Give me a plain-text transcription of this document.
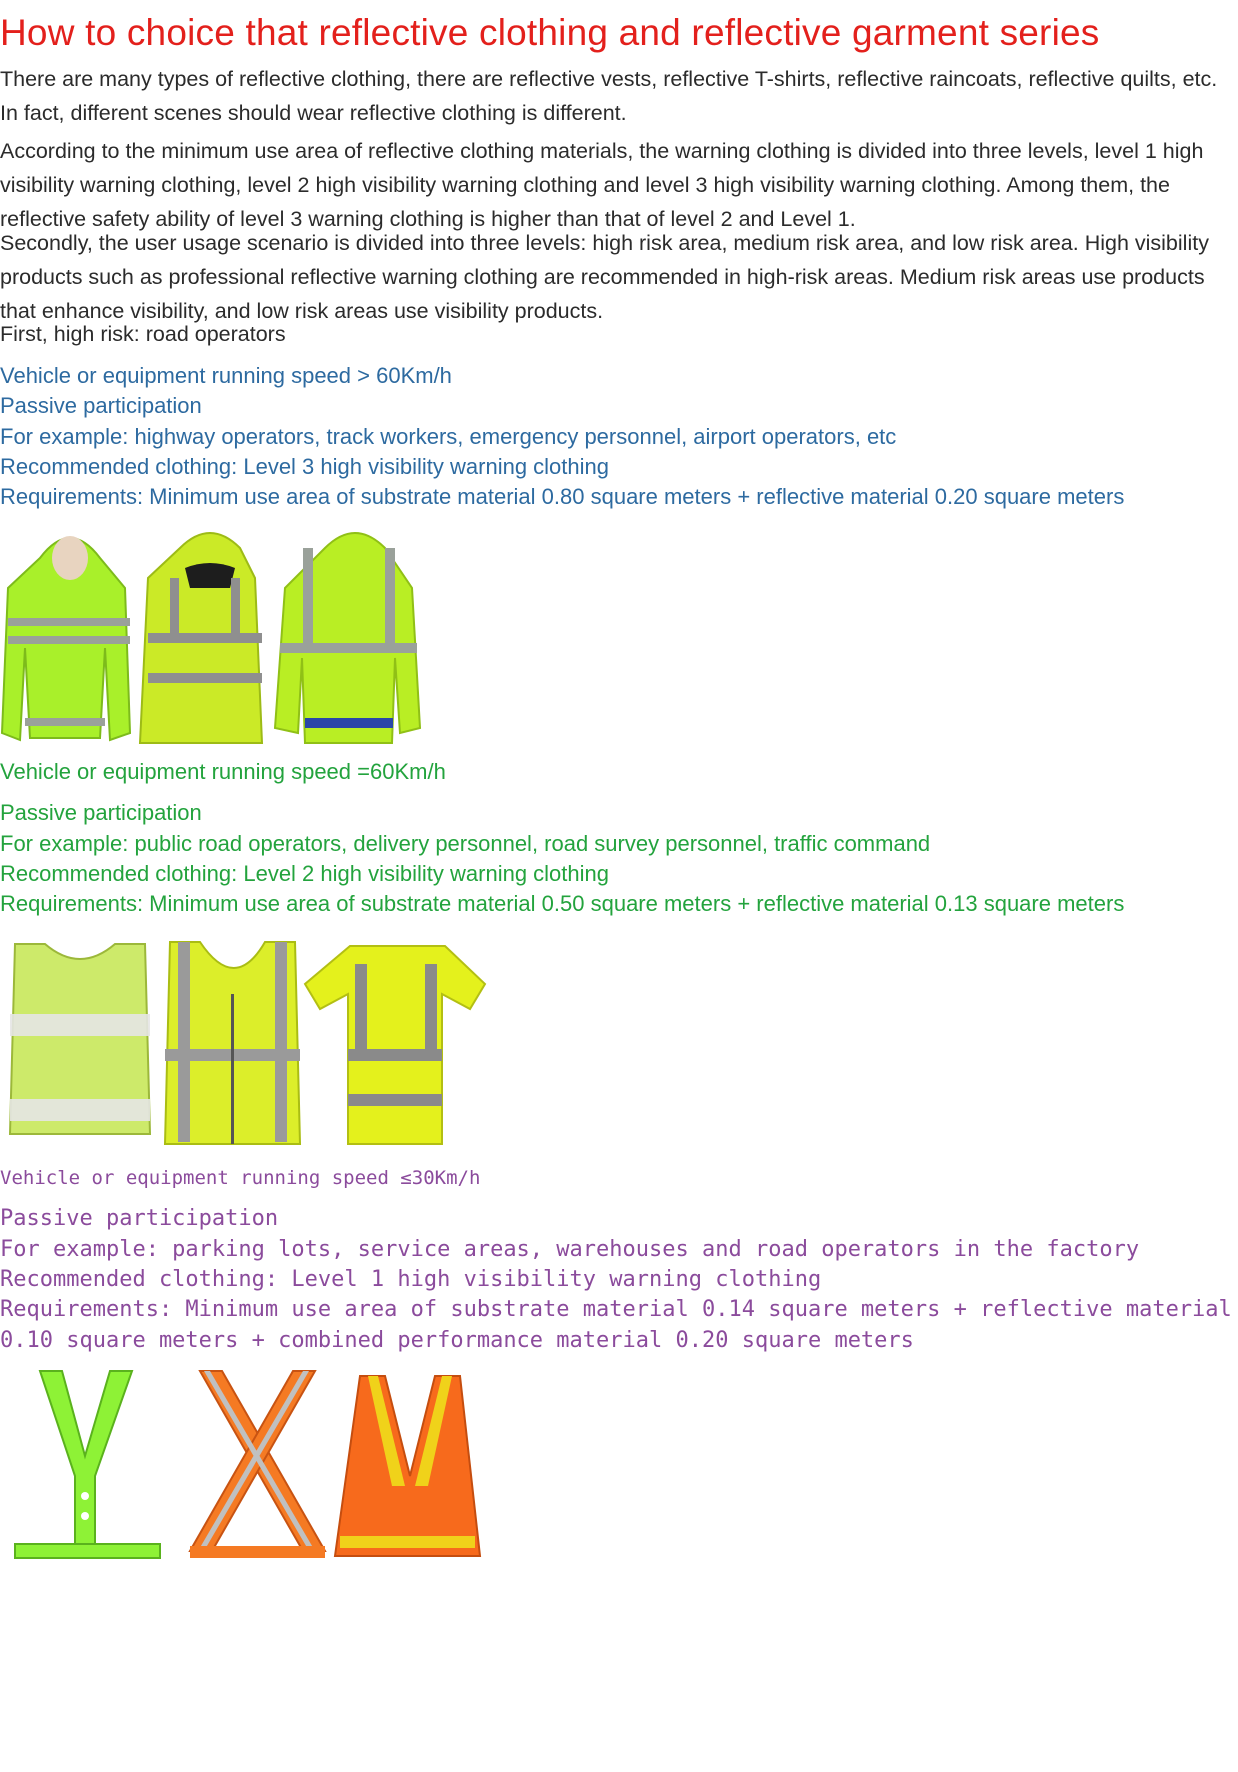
How to choice that reflective clothing and reflective garment series

There are many types of reflective clothing, there are reflective vests, reflective T-shirts, reflective raincoats, reflective quilts, etc. In fact, different scenes should wear reflective clothing is different.

According to the minimum use area of reflective clothing materials, the warning clothing is divided into three levels, level 1 high visibility warning clothing, level 2 high visibility warning clothing and level 3 high visibility warning clothing. Among them, the reflective safety ability of level 3 warning clothing is higher than that of level 2 and Level 1.

Secondly, the user usage scenario is divided into three levels: high risk area, medium risk area, and low risk area. High visibility products such as professional reflective warning clothing are recommended in high-risk areas. Medium risk areas use products that enhance visibility, and low risk areas use visibility products.

First, high risk: road operators

Vehicle or equipment running speed > 60Km/h

Passive participation

For example: highway operators, track workers, emergency personnel, airport operators, etc

Recommended clothing: Level 3 high visibility warning clothing

Requirements: Minimum use area of substrate material 0.80 square meters + reflective material 0.20 square meters

Vehicle or equipment running speed =60Km/h

Passive participation

For example: public road operators, delivery personnel, road survey personnel, traffic command

Recommended clothing: Level 2 high visibility warning clothing

Requirements: Minimum use area of substrate material 0.50 square meters + reflective material 0.13 square meters

Vehicle or equipment running speed ≤30Km/h

Passive participation

For example: parking lots, service areas, warehouses and road operators in the factory

Recommended clothing: Level 1 high visibility warning clothing

Requirements: Minimum use area of substrate material 0.14 square meters + reflective material

0.10 square meters + combined performance material 0.20 square meters
